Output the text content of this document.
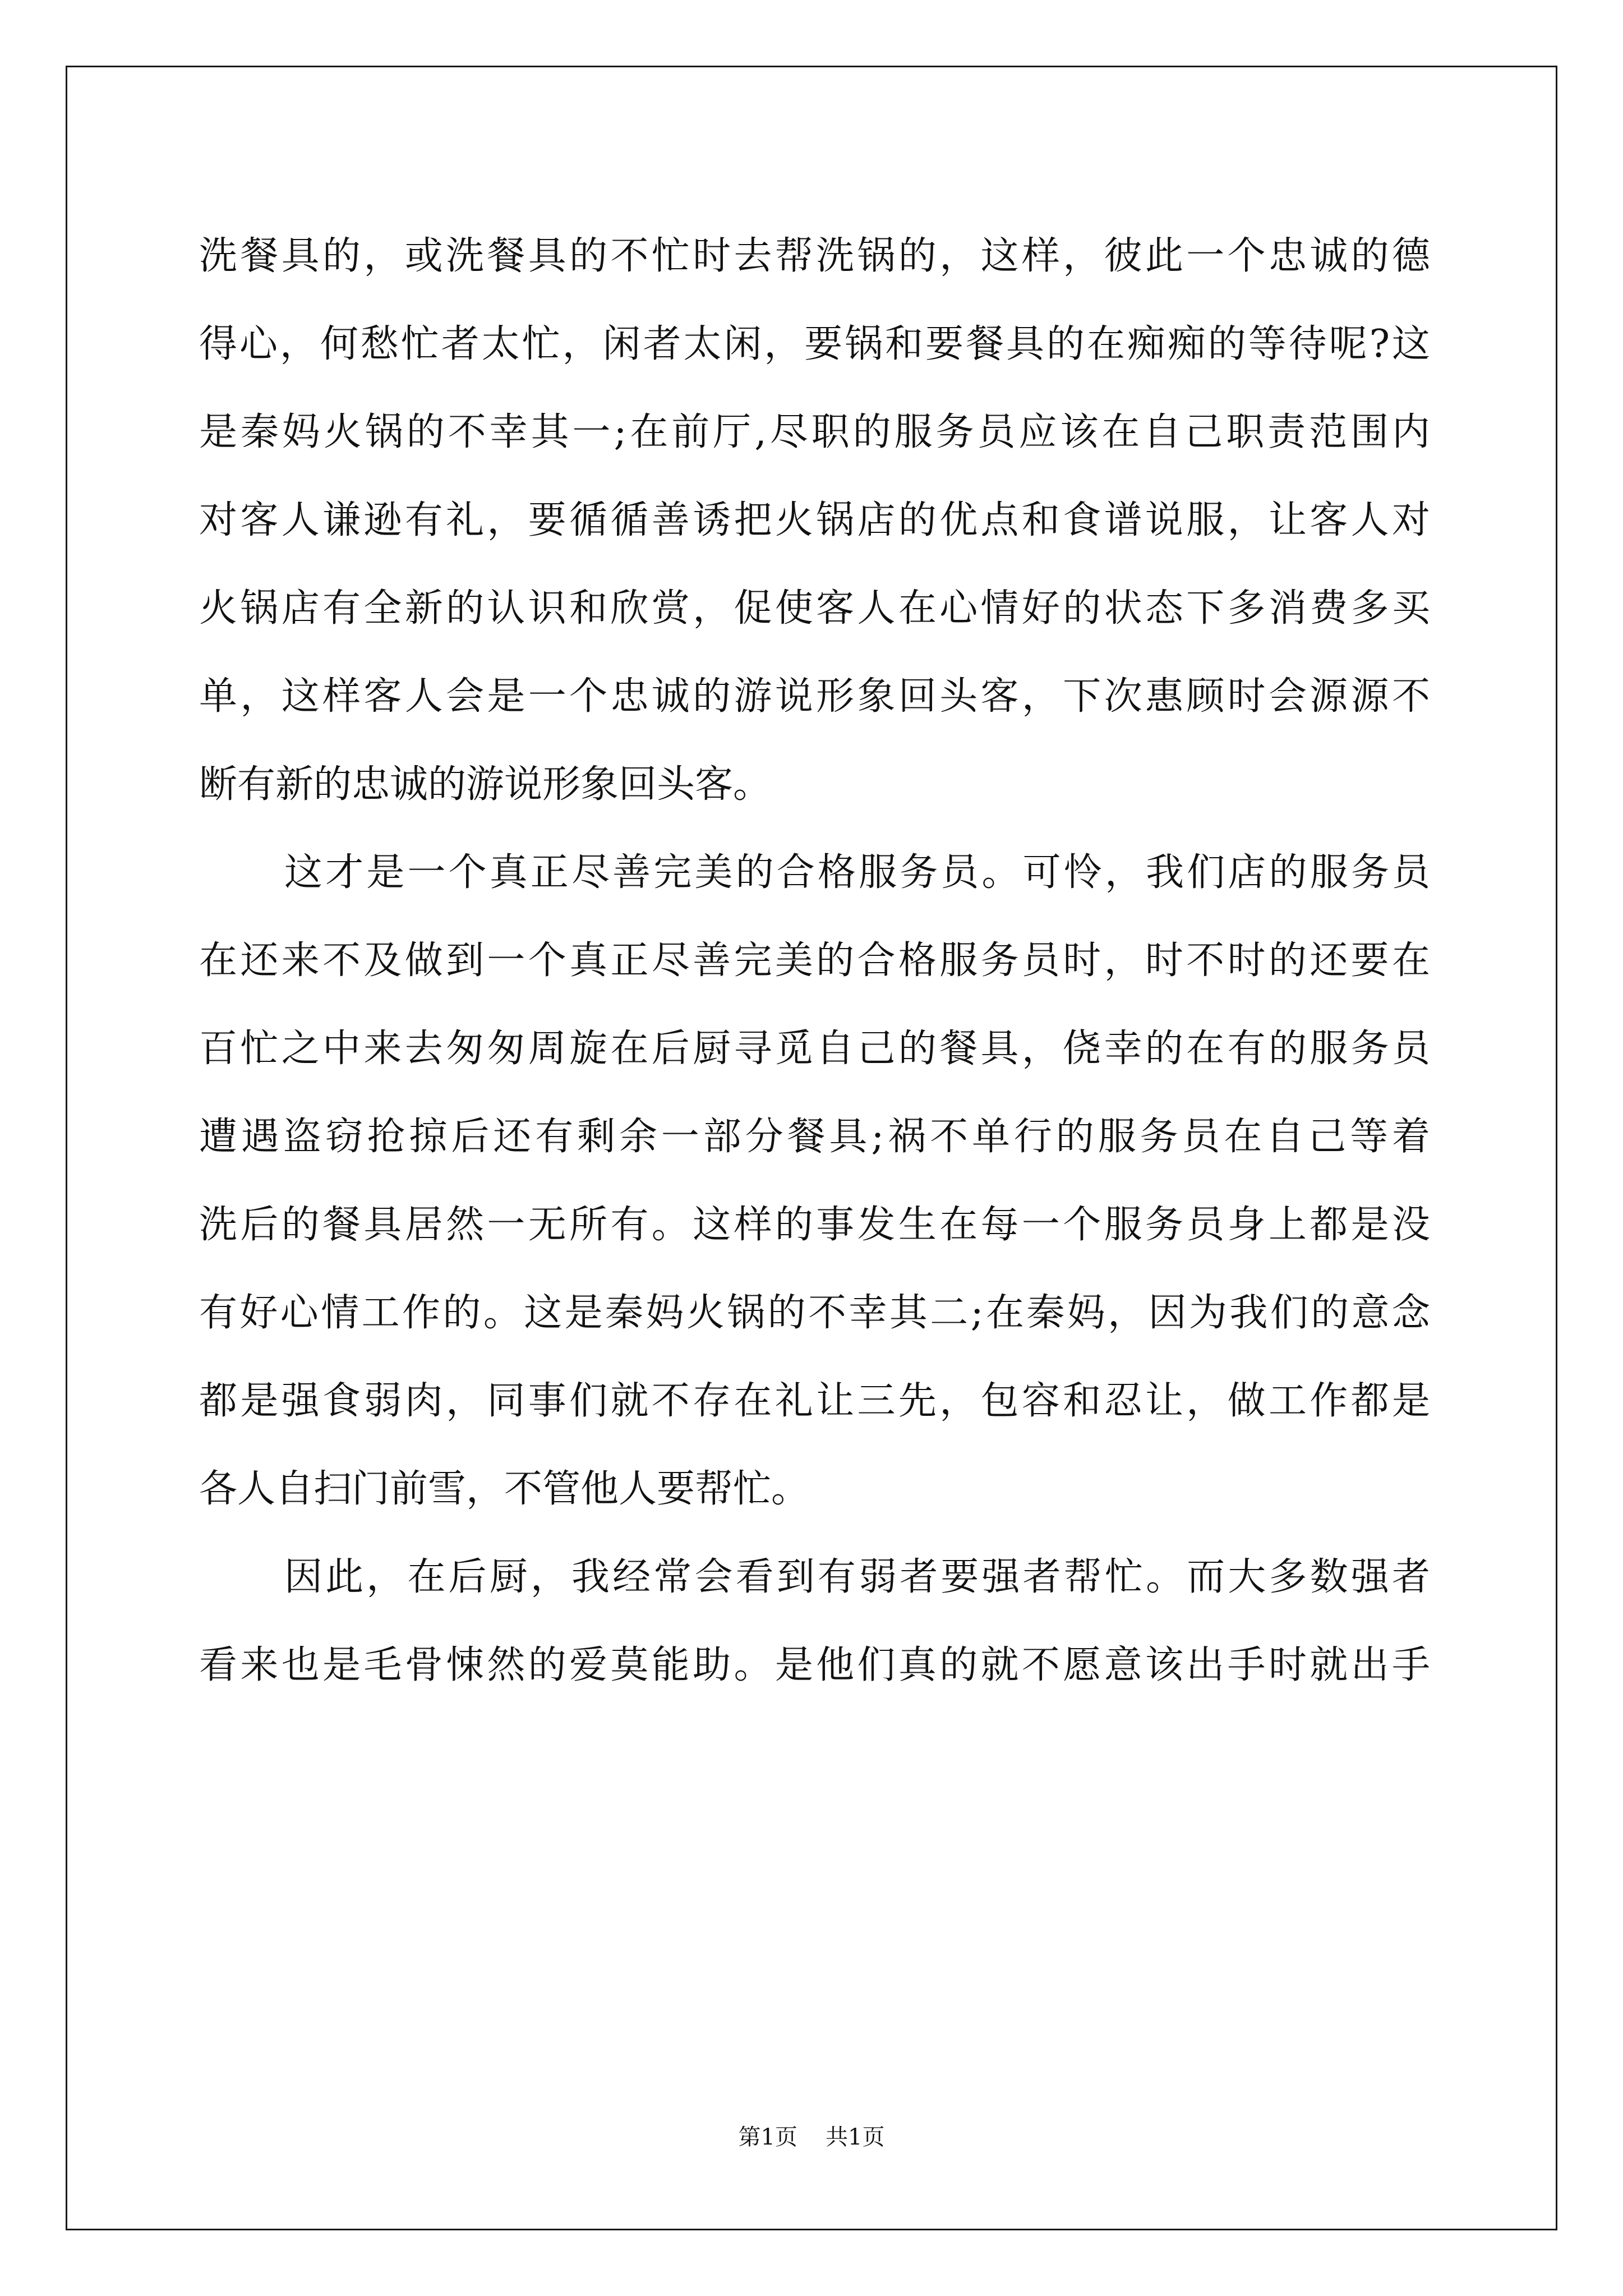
洗餐具的，或洗餐具的不忙时去帮洗锅的，这样，彼此一个忠诚的德
得心，何愁忙者太忙，闲者太闲，要锅和要餐具的在痴痴的等待呢?这
是秦妈火锅的不幸其一;在前厅,尽职的服务员应该在自己职责范围内
对客人谦逊有礼，要循循善诱把火锅店的优点和食谱说服，让客人对
火锅店有全新的认识和欣赏，促使客人在心情好的状态下多消费多买
单，这样客人会是一个忠诚的游说形象回头客，下次惠顾时会源源不
断有新的忠诚的游说形象回头客。
这才是一个真正尽善完美的合格服务员。可怜，我们店的服务员
在还来不及做到一个真正尽善完美的合格服务员时，时不时的还要在
百忙之中来去匆匆周旋在后厨寻觅自己的餐具，侥幸的在有的服务员
遭遇盗窃抢掠后还有剩余一部分餐具;祸不单行的服务员在自己等着
洗后的餐具居然一无所有。这样的事发生在每一个服务员身上都是没
有好心情工作的。这是秦妈火锅的不幸其二;在秦妈，因为我们的意念
都是强食弱肉，同事们就不存在礼让三先，包容和忍让，做工作都是
各人自扫门前雪，不管他人要帮忙。
因此，在后厨，我经常会看到有弱者要强者帮忙。而大多数强者
看来也是毛骨悚然的爱莫能助。是他们真的就不愿意该出手时就出手
第1页 共1页
